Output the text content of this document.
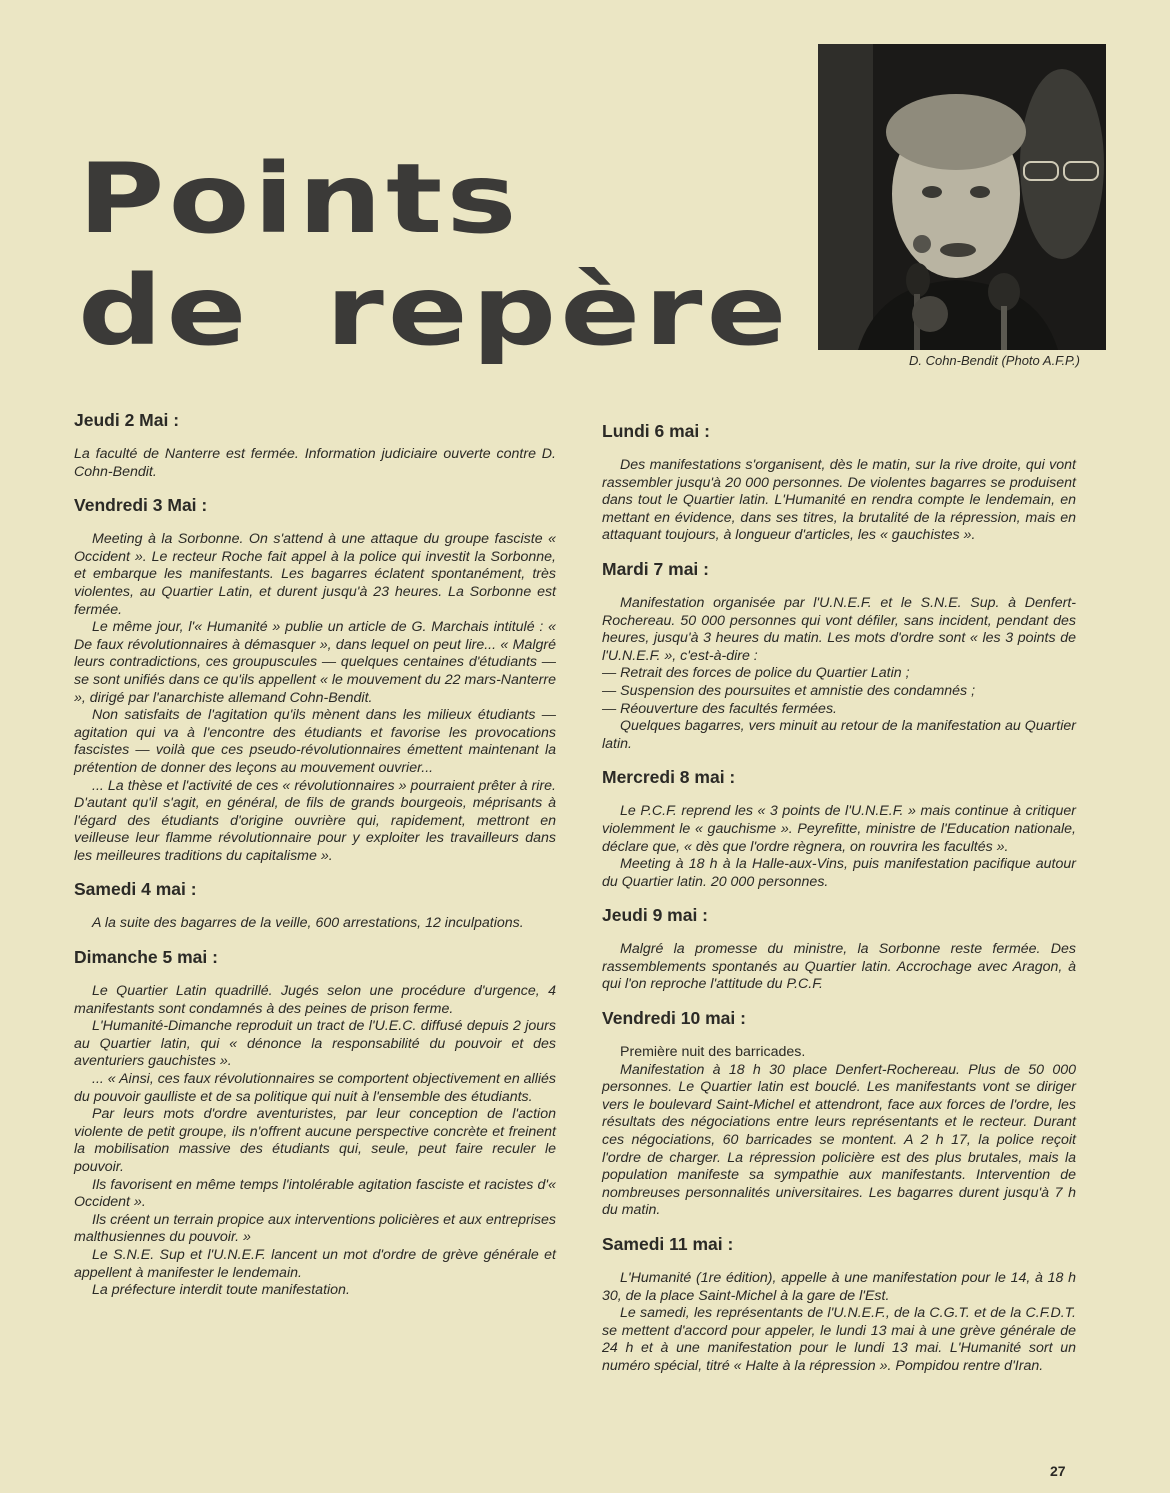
Points
de repère	D. Cohn-Bendit (Photo A.F.P.)
Jeudi 2 Mai :

La faculté de Nanterre est fermée. Information judiciaire ouverte contre D. Cohn-Bendit.

Vendredi 3 Mai :

Meeting à la Sorbonne. On s'attend à une attaque du groupe fasciste « Occident ». Le recteur Roche fait appel à la police qui investit la Sorbonne, et embarque les manifestants. Les bagarres éclatent spontanément, très violentes, au Quartier Latin, et durent jusqu'à 23 heures. La Sorbonne est fermée.

Le même jour, l'« Humanité » publie un article de G. Marchais intitulé : « De faux révolutionnaires à démasquer », dans lequel on peut lire... « Malgré leurs contradictions, ces groupuscules — quelques centaines d'étudiants — se sont unifiés dans ce qu'ils appellent « le mouvement du 22 mars-Nanterre », dirigé par l'anarchiste allemand Cohn-Bendit.

Non satisfaits de l'agitation qu'ils mènent dans les milieux étudiants — agitation qui va à l'encontre des étudiants et favorise les provocations fascistes — voilà que ces pseudo-révolutionnaires émettent maintenant la prétention de donner des leçons au mouvement ouvrier...

... La thèse et l'activité de ces « révolutionnaires » pourraient prêter à rire. D'autant qu'il s'agit, en général, de fils de grands bourgeois, méprisants à l'égard des étudiants d'origine ouvrière qui, rapidement, mettront en veilleuse leur flamme révolutionnaire pour y exploiter les travailleurs dans les meilleures traditions du capitalisme ».

Samedi 4 mai :

A la suite des bagarres de la veille, 600 arrestations, 12 inculpations.

Dimanche 5 mai :

Le Quartier Latin quadrillé. Jugés selon une procédure d'urgence, 4 manifestants sont condamnés à des peines de prison ferme.

L'Humanité-Dimanche reproduit un tract de l'U.E.C. diffusé depuis 2 jours au Quartier latin, qui « dénonce la responsabilité du pouvoir et des aventuriers gauchistes ».

... « Ainsi, ces faux révolutionnaires se comportent objectivement en alliés du pouvoir gaulliste et de sa politique qui nuit à l'ensemble des étudiants.

Par leurs mots d'ordre aventuristes, par leur conception de l'action violente de petit groupe, ils n'offrent aucune perspective concrète et freinent la mobilisation massive des étudiants qui, seule, peut faire reculer le pouvoir.

Ils favorisent en même temps l'intolérable agitation fasciste et racistes d'« Occident ».

Ils créent un terrain propice aux interventions policières et aux entreprises malthusiennes du pouvoir. »

Le S.N.E. Sup et l'U.N.E.F. lancent un mot d'ordre de grève générale et appellent à manifester le lendemain.

La préfecture interdit toute manifestation.

Lundi 6 mai :

Des manifestations s'organisent, dès le matin, sur la rive droite, qui vont rassembler jusqu'à 20 000 personnes. De violentes bagarres se produisent dans tout le Quartier latin. L'Humanité en rendra compte le lendemain, en mettant en évidence, dans ses titres, la brutalité de la répression, mais en attaquant toujours, à longueur d'articles, les « gauchistes ».

Mardi 7 mai :

Manifestation organisée par l'U.N.E.F. et le S.N.E. Sup. à Denfert-Rochereau. 50 000 personnes qui vont défiler, sans incident, pendant des heures, jusqu'à 3 heures du matin. Les mots d'ordre sont « les 3 points de l'U.N.E.F. », c'est-à-dire :

— Retrait des forces de police du Quartier Latin ;

— Suspension des poursuites et amnistie des condamnés ;

— Réouverture des facultés fermées.

Quelques bagarres, vers minuit au retour de la manifestation au Quartier latin.

Mercredi 8 mai :

Le P.C.F. reprend les « 3 points de l'U.N.E.F. » mais continue à critiquer violemment le « gauchisme ». Peyrefitte, ministre de l'Education nationale, déclare que, « dès que l'ordre règnera, on rouvrira les facultés ».

Meeting à 18 h à la Halle-aux-Vins, puis manifestation pacifique autour du Quartier latin. 20 000 personnes.

Jeudi 9 mai :

Malgré la promesse du ministre, la Sorbonne reste fermée. Des rassemblements spontanés au Quartier latin. Accrochage avec Aragon, à qui l'on reproche l'attitude du P.C.F.

Vendredi 10 mai :

Première nuit des barricades.

Manifestation à 18 h 30 place Denfert-Rochereau. Plus de 50 000 personnes. Le Quartier latin est bouclé. Les manifestants vont se diriger vers le boulevard Saint-Michel et attendront, face aux forces de l'ordre, les résultats des négociations entre leurs représentants et le recteur. Durant ces négociations, 60 barricades se montent. A 2 h 17, la police reçoit l'ordre de charger. La répression policière est des plus brutales, mais la population manifeste sa sympathie aux manifestants. Intervention de nombreuses personnalités universitaires. Les bagarres durent jusqu'à 7 h du matin.

Samedi 11 mai :

L'Humanité (1re édition), appelle à une manifestation pour le 14, à 18 h 30, de la place Saint-Michel à la gare de l'Est.

Le samedi, les représentants de l'U.N.E.F., de la C.G.T. et de la C.F.D.T. se mettent d'accord pour appeler, le lundi 13 mai à une grève générale de 24 h et à une manifestation pour le lundi 13 mai. L'Humanité sort un numéro spécial, titré « Halte à la répression ». Pompidou rentre d'Iran.

27
